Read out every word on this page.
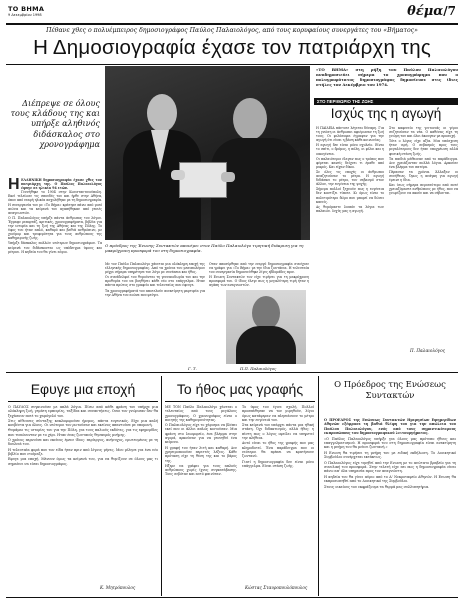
ΤΟ ΒΗΜΑ
9 Δεκεμβρίου 1998	θέμα/7
Πέθανε χθες ο πολυέμπειρος δημοσιογράφος Παύλος Παλαιολόγος, από τους κορυφαίους συνεργάτες του «Βήματος»
Η Δημοσιογραφία έχασε τον πατριάρχη της
Διέπρεψε σε όλους τους κλάδους της και υπήρξε αληθινός διδάσκαλος στο χρονογράφημα
Ο πρόεδρος της Ένωσης Συντακτών απονέμει στον Παύλο Παλαιολόγο τιμητική διάκριση για τη μακρόχρονη προσφορά του στη δημοσιογραφία.
Η ΕΛΛΗΝΙΚΗ δημοσιογραφία έχασε χθες τον πατριάρχη της. Ο Παύλος Παλαιολόγος έφυγε σε ηλικία 94 ετών.

Γεννήθηκε το 1904 στην Κωνσταντινούπολη. Εκεί τελείωσε τις σπουδές του και ήρθε στην Αθήνα, όπου από νεαρή ηλικία ασχολήθηκε με τη δημοσιογραφία. Η συνεργασία του με «Το Βήμα» κράτησε πάνω από μισό αιώνα και τα κείμενά του αγαπήθηκαν από γενιές αναγνωστών.

Ο Π. Παλαιολόγος υπήρξε πάντα άνθρωπος του λόγου. Έγραψε ρεπορτάζ, κριτικές, χρονογραφήματα, βιβλία για την ιστορία και τη ζωή της Αθήνας και της Πόλης. Το ύφος του ήταν απλό, καθαρό και βαθιά ανθρώπινο, με χιούμορ και τρυφερότητα για τους ανθρώπους της καθημερινής ζωής.

Υπήρξε δάσκαλος πολλών νεότερων δημοσιογράφων. Τα κείμενά του διδάσκονται ως υπόδειγμα ύφους και μέτρου. Η κηδεία του θα γίνει αύριο.

Με τον Παύλο Παλαιολόγο χάνεται μια ολόκληρη εποχή της ελληνικής δημοσιογραφίας. Από τα χρόνια του μεσοπολέμου μέχρι σήμερα υπηρέτησε τον λόγο με συνέπεια και ήθος.

Οι συνάδελφοί του θυμούνται τη γενναιοδωρία του και την προθυμία του να βοηθήσει κάθε νέο στο επάγγελμα. Ηταν πάντα πρώτος στο γραφείο και τελευταίος που έφευγε.

Τα χρονογραφήματά του αποτελούν ανεκτίμητη μαρτυρία για την Αθήνα του αιώνα που φεύγει.

Οταν αποσύρθηκε από την ενεργό δημοσιογραφία συνέχισε να γράφει για «Το Βήμα» με την ίδια ζωντάνια. Η τελευταία του συνεργασία δημοσιεύθηκε λίγες εβδομάδες πριν.

Η Ενωση Συντακτών τον είχε τιμήσει για τη μακρόχρονη προσφορά του. Ο ίδιος έλεγε πως η μεγαλύτερη τιμή ήταν η αγάπη των αναγνωστών.

Γ. Τ.	Π.Π. Παλαιολόγος
«ΤΟ ΒΗΜΑ» στη ρήξη του Παύλου Παλαιολόγου αναδημοσιεύει σήμερα το χρονογράφημα που ο πολυγραφότατος δημοσιογράφος δημοσίευσε στις ίδιες στήλες τον Δεκέμβριο του 1974.
ΣΤΟ ΠΕΡΙΘΩΡΙΟ ΤΗΣ ΖΩΗΣ
Ισχύς της η αγωγή

Η ΠΑΙΔΕΙΑ πάντοτε λέγεται δύναμη. Για τη γνώση οι άνθρωποι αφιέρωσαν τη ζωή τους. Οι φιλόσοφοι έγραψαν για την αγωγή ότι είναι η βάση κάθε κοινωνίας.

Η αγωγή δεν είναι μόνο σχολείο. Είναι το σπίτι, ο δρόμος, η πόλη, οι φίλοι και η οικογένεια.

Οι παλαιότεροι έλεγαν πως ο τρόπος που φέρεται κανείς δείχνει τι έμαθε από μικρός. Και είχαν δίκιο.

Σε όλες τις εποχές οι άνθρωποι αναζητούσαν το μέτρο. Η αγωγή διδάσκει το μέτρο, τον σεβασμό στον άλλον, την ευγένεια της ψυχής.

Σήμερα πολλοί ξεχνούν πως η ευγένεια δεν κοστίζει τίποτε. Κι όμως είναι το πολυτιμότερο δώρο που μπορεί να δώσει κανείς.

Ας θυμόμαστε λοιπόν τα λόγια των παλαιών. Ισχύς μας η αγωγή.

Στο καφενείο της γειτονιάς οι γέροι συζητούσαν τα νέα. Ο καθένας είχε τη γνώμη του και όλοι άκουγαν με προσοχή.

Τότε ο λόγος είχε αξία. Μια υπόσχεση ήταν ιερή. Ο σεβασμός προς τους μεγαλύτερους δεν ήταν υποχρέωση αλλά φυσική στάση ζωής.

Τα παιδιά μάθαιναν από το παράδειγμα. Δεν χρειάζονταν πολλά λόγια. Αρκούσε ένα βλέμμα του πατέρα.

Πέρασαν τα χρόνια. Άλλαξαν οι συνήθειες. Όμως η ανάγκη για αγωγή έμεινε η ίδια.

Και ίσως σήμερα περισσότερο από ποτέ χρειαζόμαστε ανθρώπους με ήθος, που να γνωρίζουν να ακούν και να σέβονται.

Π. Παλαιολόγος
Εφυγε μια εποχή

Ο ΠΑΥΛΟΣ συγκινούσε με απλά λόγια. Πίσω από κάθε φράση του υπήρχε μια ολόκληρη ζωή, γεμάτη εμπειρίες, ταξίδια και συναντήσεις. Οσοι τον γνώρισαν δεν θα ξεχάσουν ποτέ το χαμόγελό του.

Στις αίθουσες σύνταξης κυκλοφορούσε ήρεμος, πάντα ευγενικός. Είχε μια καλή κουβέντα για όλους. Οι νεότεροι τον ρωτούσαν και εκείνος απαντούσε με υπομονή.

Θυμάμαι τις ιστορίες του για την Πόλη, για τους παλιούς εκδότες, για τις εφημερίδες που τυπώνονταν με το χέρι. Ηταν ένας ζωντανός θησαυρός μνήμης.

Ο χρόνος περνούσε και εκείνος έμενε ίδιος: περίεργος, ανήσυχος, ερωτευμένος με τη δουλειά του.

Η τελευταία φορά που τον είδα ήταν πριν από λίγους μήνες. Μου μίλησε για ένα νέο βιβλίο που ετοίμαζε.

Εφυγε μια εποχή. Μένουν όμως τα κείμενά του, για να θυμίζουν σε όλους μας τι σημαίνει να είσαι δημοσιογράφος.

Κ. Μητρόπουλος
Το ήθος μας γραφής

ΜΕ ΤΟΝ Παύλο Παλαιολόγο χάνεται ο τελευταίος από τους μεγάλους χρονογράφους. Ο χρονογράφος είναι ο ποιητής της καθημερινότητας.

Ο Παλαιολόγος είχε το χάρισμα να βλέπει εκεί που οι άλλοι απλώς κοιτούσαν. Μια φράση στο λεωφορείο, ένα βλέμμα στην αγορά, αρκούσαν για να γεννηθεί ένα κείμενο.

Η γραφή του ήταν λιτή και καθαρή. Δεν χρησιμοποιούσε περιττές λέξεις. Κάθε πρόταση είχε τη θέση της και το βάρος της.

Ηξερε να γράφει για τους απλούς ανθρώπους χωρίς ίχνος συγκατάβασης. Τους σεβόταν και αυτό φαινόταν.

Το ύφος του έγινε σχολή. Πολλοί προσπάθησαν να τον μιμηθούν, λίγοι όμως κατάφεραν να πλησιάσουν το μέτρο και την ευγένειά του.

Στα κείμενά του υπάρχει πάντα μια ηθική στάση. Όχι διδακτισμός, αλλά ήθος: η πίστη πως ο λόγος οφείλει να υπηρετεί την αλήθεια.

Αυτό είναι το ήθος της γραφής που μας κληροδοτεί. Ένα παράδειγμα που οι νεότεροι θα πρέπει να κρατήσουν ζωντανό.

Γιατί η δημοσιογραφία δεν είναι μόνο επάγγελμα. Είναι στάση ζωής.

Κώστας Σταυροπουλόπουλος
Ο Πρόεδρος της Ενώσεως Συντακτών

Ο ΠΡΟΕΔΡΟΣ της Ενώσεως Συντακτών Ημερησίων Εφημερίδων Αθηνών εξέφρασε τη βαθιά θλίψη του για την απώλεια του Παύλου Παλαιολόγου, ενός από τους σημαντικότερους εκπροσώπους του δημοσιογραφικού λειτουργήματος.

«Ο Παύλος Παλαιολόγος υπήρξε για όλους μας πρότυπο ήθους και επαγγελματισμού. Η προσφορά του στη δημοσιογραφία είναι ανεκτίμητη και η μνήμη του θα μείνει ζωντανή.»

Η Ενωση θα τιμήσει τη μνήμη του με ειδική εκδήλωση. Το Διοικητικό Συμβούλιο συνέρχεται εκτάκτως.

Ο Παλαιολόγος είχε τιμηθεί από την Ενωση με το ανώτατο βραβείο για τη συνολική του προσφορά. Στην τελετή είχε πει πως η δημοσιογραφία είναι πάνω απ' όλα υπηρεσία προς τον αναγνώστη.

Η κηδεία του θα γίνει αύριο από το Α' Νεκροταφείο Αθηνών. Η Ενωση θα εκπροσωπηθεί από το Διοικητικό της Συμβούλιο.

Στους οικείους του εκφράζουμε τα θερμά μας συλλυπητήρια.
